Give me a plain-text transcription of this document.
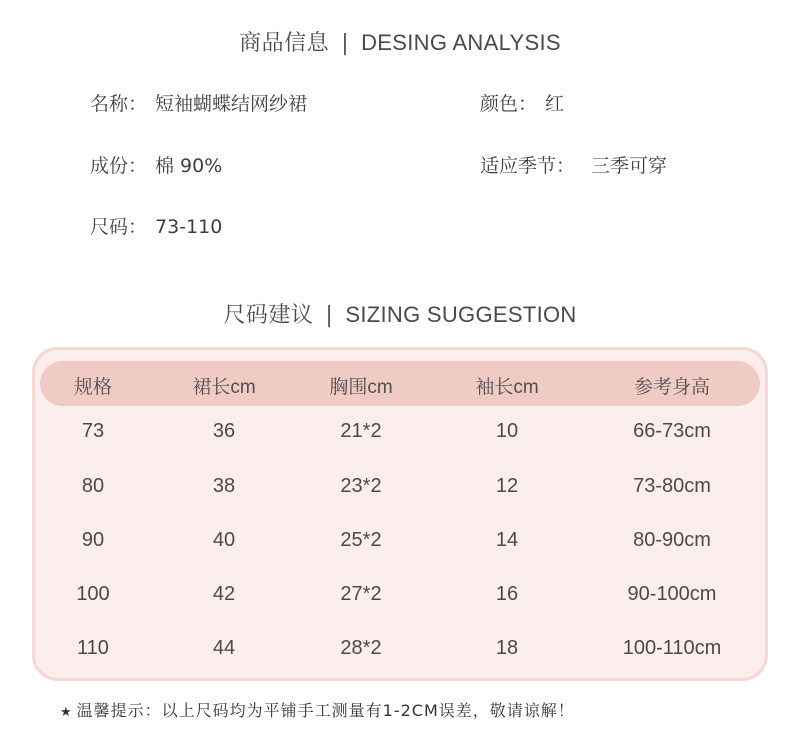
商品信息 | DESING ANALYSIS
名称： 短袖蝴蝶结网纱裙	颜色： 红
成份： 棉 90%	适应季节： 三季可穿
尺码： 73-110
尺码建议 | SIZING SUGGESTION
规格	裙长cm	胸围cm	袖长cm	参考身高
73	36	21*2	10	66-73cm
80	38	23*2	12	73-80cm
90	40	25*2	14	80-90cm
100	42	27*2	16	90-100cm
110	44	28*2	18	100-110cm
★ 温馨提示：以上尺码均为平铺手工测量有1-2CM误差，敬请谅解！
